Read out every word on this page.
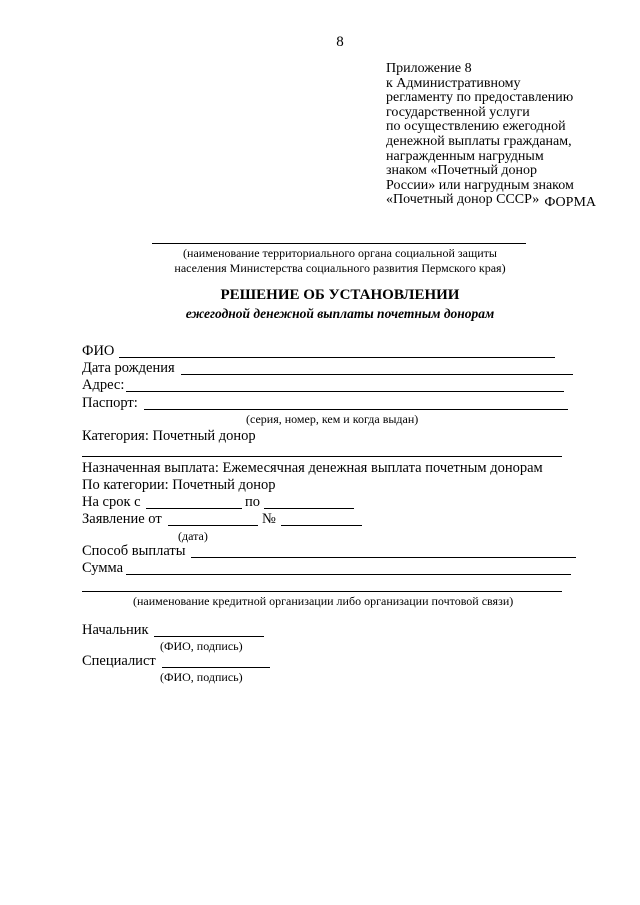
8
Приложение 8
к Административному
регламенту по предоставлению
государственной услуги
по осуществлению ежегодной
денежной выплаты гражданам,
награжденным нагрудным
знаком «Почетный донор
России» или нагрудным знаком
«Почетный донор СССР» ФОРМА
(наименование территориального органа социальной защиты
населения Министерства социального развития Пермского края)
РЕШЕНИЕ ОБ УСТАНОВЛЕНИИ
ежегодной денежной выплаты почетным донорам
ФИО
Дата рождения
Адрес:
Паспорт:
(серия, номер, кем и когда выдан)
Категория: Почетный донор
Назначенная выплата: Ежемесячная денежная выплата почетным донорам
По категории: Почетный донор
На срок с	по
Заявление от	№
(дата)
Способ выплаты
Сумма
(наименование кредитной организации либо организации почтовой связи)
Начальник
(ФИО, подпись)
Специалист
(ФИО, подпись)
